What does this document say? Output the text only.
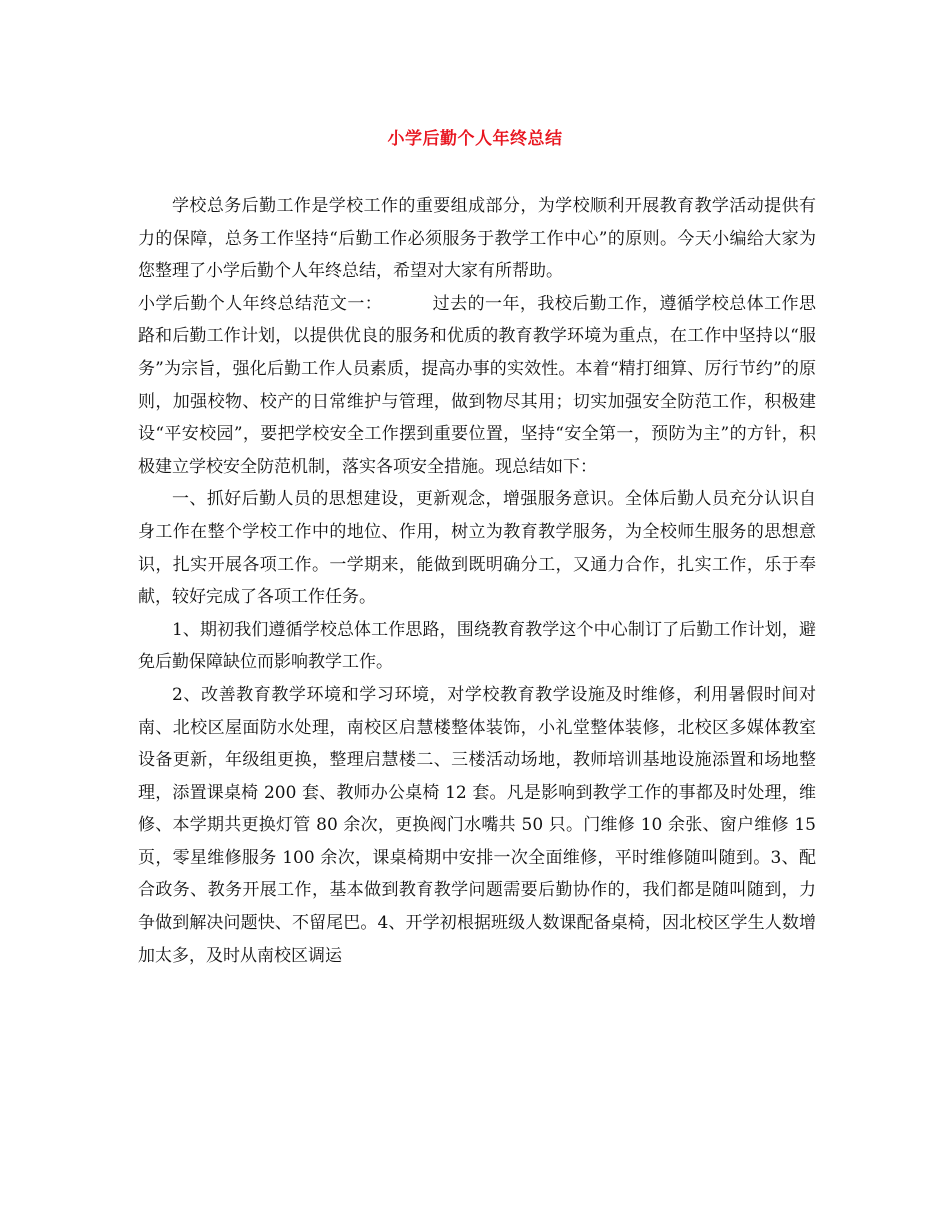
小学后勤个人年终总结

学校总务后勤工作是学校工作的重要组成部分，为学校顺利开展教育教学活动提供有力的保障，总务工作坚持“后勤工作必须服务于教学工作中心”的原则。今天小编给大家为您整理了小学后勤个人年终总结，希望对大家有所帮助。

小学后勤个人年终总结范文一：	过去的一年，我校后勤工作，遵循学校总体工作思路和后勤工作计划，以提供优良的服务和优质的教育教学环境为重点，在工作中坚持以“服务”为宗旨，强化后勤工作人员素质，提高办事的实效性。本着“精打细算、厉行节约”的原则，加强校物、校产的日常维护与管理，做到物尽其用；切实加强安全防范工作，积极建设“平安校园”，要把学校安全工作摆到重要位置，坚持“安全第一，预防为主”的方针，积极建立学校安全防范机制，落实各项安全措施。现总结如下：

一、抓好后勤人员的思想建设，更新观念，增强服务意识。全体后勤人员充分认识自身工作在整个学校工作中的地位、作用，树立为教育教学服务，为全校师生服务的思想意识，扎实开展各项工作。一学期来，能做到既明确分工，又通力合作，扎实工作，乐于奉献，较好完成了各项工作任务。

1、期初我们遵循学校总体工作思路，围绕教育教学这个中心制订了后勤工作计划，避免后勤保障缺位而影响教学工作。

2、改善教育教学环境和学习环境，对学校教育教学设施及时维修，利用暑假时间对南、北校区屋面防水处理，南校区启慧楼整体装饰，小礼堂整体装修，北校区多媒体教室设备更新，年级组更换，整理启慧楼二、三楼活动场地，教师培训基地设施添置和场地整理，添置课桌椅 200 套、教师办公桌椅 12 套。凡是影响到教学工作的事都及时处理，维修、本学期共更换灯管 80 余次，更换阀门水嘴共 50 只。门维修 10 余张、窗户维修 15 页，零星维修服务 100 余次，课桌椅期中安排一次全面维修，平时维修随叫随到。3、配合政务、教务开展工作，基本做到教育教学问题需要后勤协作的，我们都是随叫随到，力争做到解决问题快、不留尾巴。4、开学初根据班级人数课配备桌椅，因北校区学生人数增加太多，及时从南校区调运
